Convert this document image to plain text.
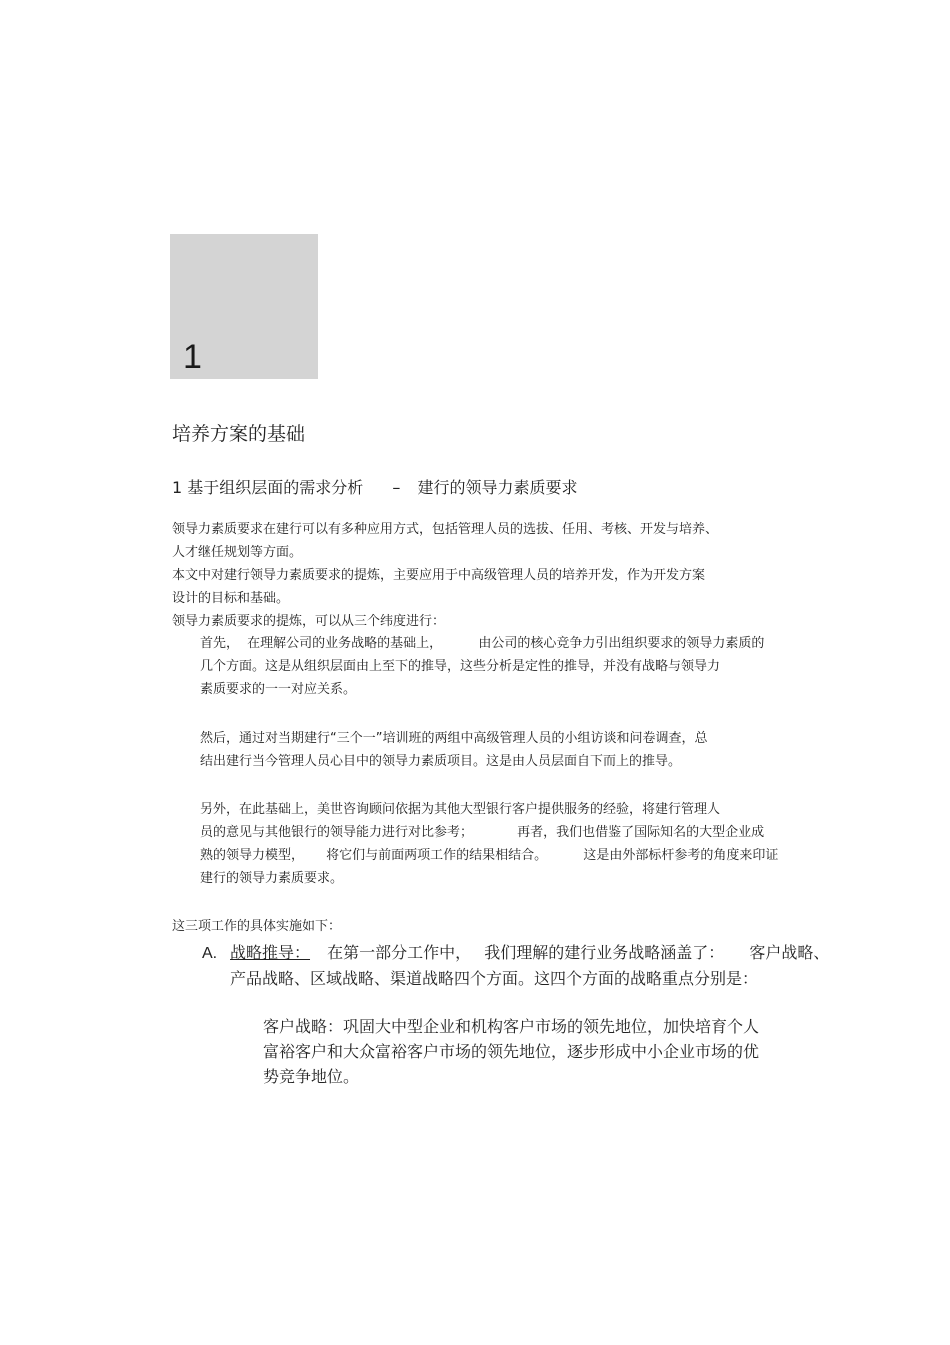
1
培养方案的基础
1 基于组织层面的需求分析 – 建行的领导力素质要求
领导力素质要求在建行可以有多种应用方式，包括管理人员的选拔、任用、考核、开发与培养、
人才继任规划等方面。
本文中对建行领导力素质要求的提炼，主要应用于中高级管理人员的培养开发，作为开发方案
设计的目标和基础。
领导力素质要求的提炼，可以从三个纬度进行：
首先， 在理解公司的业务战略的基础上，	由公司的核心竞争力引出组织要求的领导力素质的
几个方面。这是从组织层面由上至下的推导，这些分析是定性的推导，并没有战略与领导力
素质要求的一一对应关系。
然后，通过对当期建行“三个一”培训班的两组中高级管理人员的小组访谈和问卷调查，总
结出建行当今管理人员心目中的领导力素质项目。这是由人员层面自下而上的推导。
另外，在此基础上，美世咨询顾问依据为其他大型银行客户提供服务的经验，将建行管理人
员的意见与其他银行的领导能力进行对比参考；	再者，我们也借鉴了国际知名的大型企业成
熟的领导力模型， 将它们与前面两项工作的结果相结合。	这是由外部标杆参考的角度来印证
建行的领导力素质要求。
这三项工作的具体实施如下：
A. 战略推导： 在第一部分工作中， 我们理解的建行业务战略涵盖了： 客户战略、
产品战略、区域战略、渠道战略四个方面。这四个方面的战略重点分别是：
客户战略：巩固大中型企业和机构客户市场的领先地位，加快培育个人
富裕客户和大众富裕客户市场的领先地位，逐步形成中小企业市场的优
势竞争地位。
